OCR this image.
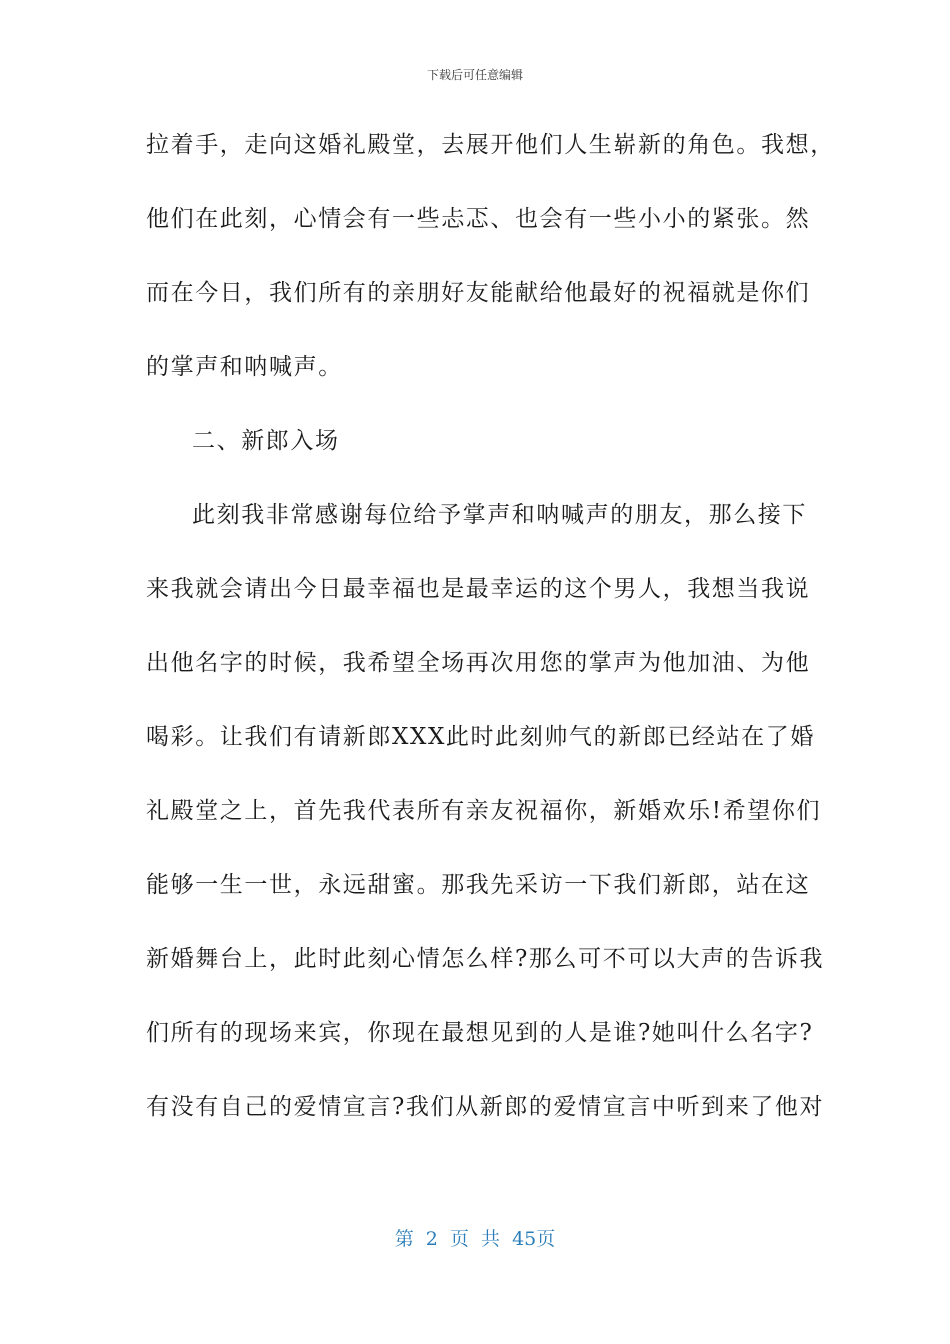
下载后可任意编辑
拉着手，走向这婚礼殿堂，去展开他们人生崭新的角色。我想，
他们在此刻，心情会有一些忐忑、也会有一些小小的紧张。然
而在今日，我们所有的亲朋好友能献给他最好的祝福就是你们
的掌声和呐喊声。
二、新郎入场
此刻我非常感谢每位给予掌声和呐喊声的朋友，那么接下
来我就会请出今日最幸福也是最幸运的这个男人，我想当我说
出他名字的时候，我希望全场再次用您的掌声为他加油、为他
喝彩。让我们有请新郎XXX此时此刻帅气的新郎已经站在了婚
礼殿堂之上，首先我代表所有亲友祝福你，新婚欢乐!希望你们
能够一生一世，永远甜蜜。那我先采访一下我们新郎，站在这
新婚舞台上，此时此刻心情怎么样?那么可不可以大声的告诉我
们所有的现场来宾，你现在最想见到的人是谁?她叫什么名字?
有没有自己的爱情宣言?我们从新郎的爱情宣言中听到来了他对
第 2 页 共 45页
